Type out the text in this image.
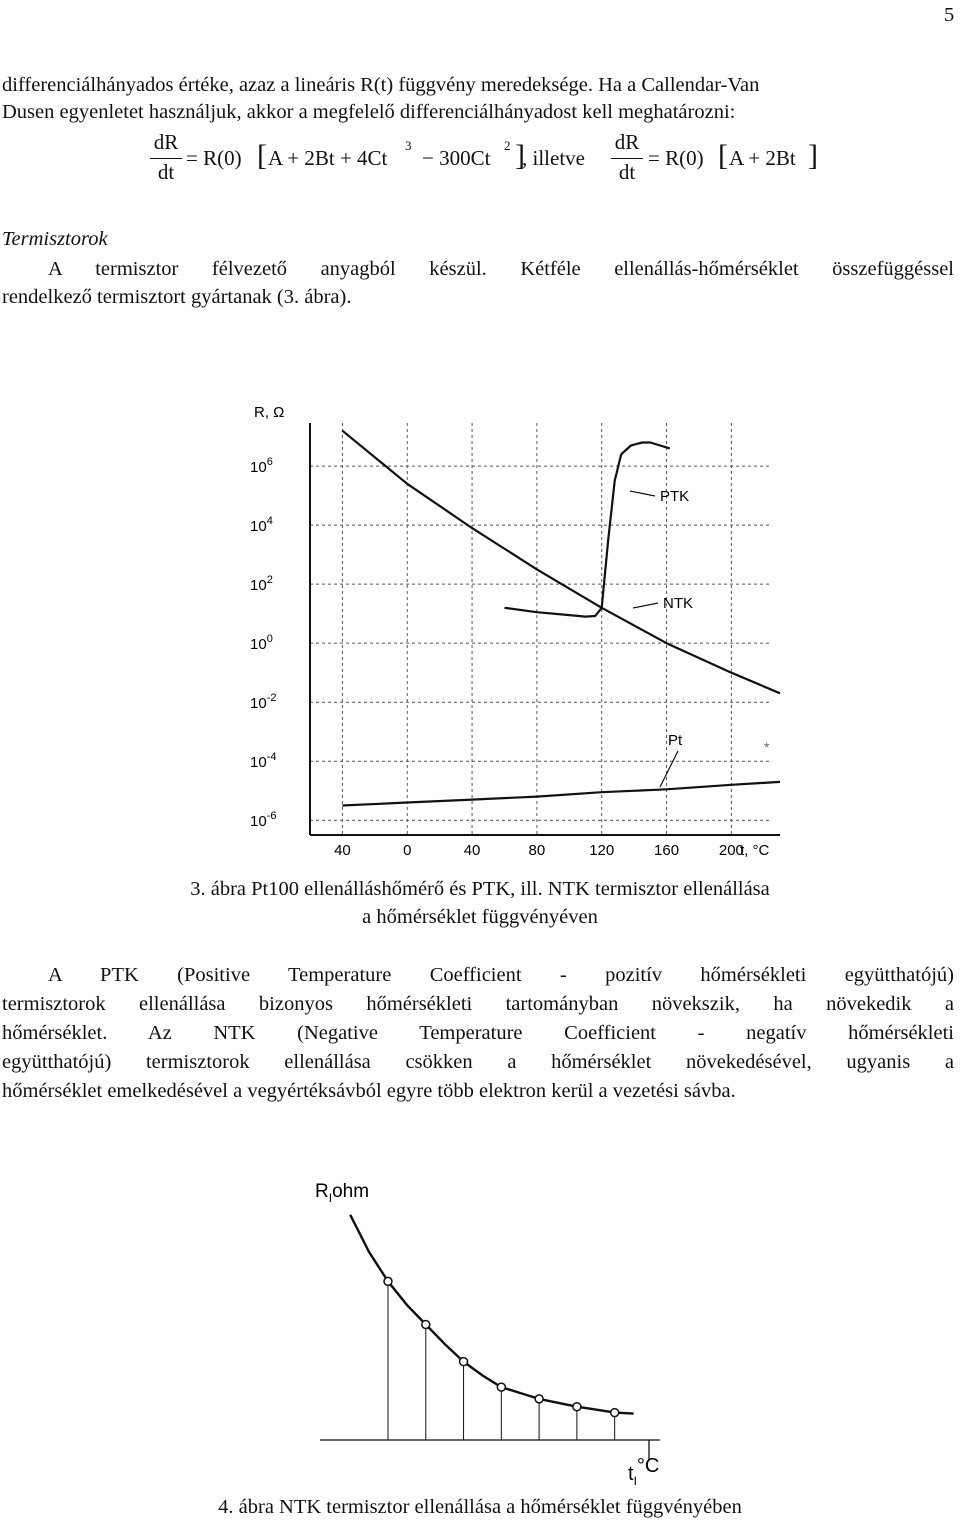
5
differenciálhányados értéke, azaz a lineáris R(t) függvény meredeksége. Ha a Callendar-Van
Dusen egyenletet használjuk, akkor a megfelelő differenciálhányadost kell meghatározni:
dR
dt
= R(0) [ A + 2Bt + 4Ct
3
− 300Ct
2 ]
, illetve
dR
dt
= R(0) [ A + 2Bt ]
Termisztorok
A termisztor félvezető anyagból készül. Kétféle ellenállás-hőmérséklet összefüggéssel
rendelkező termisztort gyártanak (3. ábra).
R, Ω
$10^6$
$10^4$
$10^2$
$10^0$
$10^{-2}$
$10^{-4}$
$10^{-6}$
40	0	40	80	120	160	200
t, °C
PTK
NTK
Pt	*
3. ábra Pt100 ellenálláshőmérő és PTK, ill. NTK termisztor ellenállása
a hőmérséklet függvényéven
A PTK (Positive Temperature Coefficient - pozitív hőmérsékleti együtthatójú)
termisztorok ellenállása bizonyos hőmérsékleti tartományban növekszik, ha növekedik a
hőmérséklet. Az NTK (Negative Temperature Coefficient - negatív hőmérsékleti
együtthatójú) termisztorok ellenállása csökken a hőmérséklet növekedésével, ugyanis a
hőmérséklet emelkedésével a vegyértéksávból egyre több elektron kerül a vezetési sávba.
$R_Iohm$
$t_I^\circ C$
4. ábra NTK termisztor ellenállása a hőmérséklet függvényében
